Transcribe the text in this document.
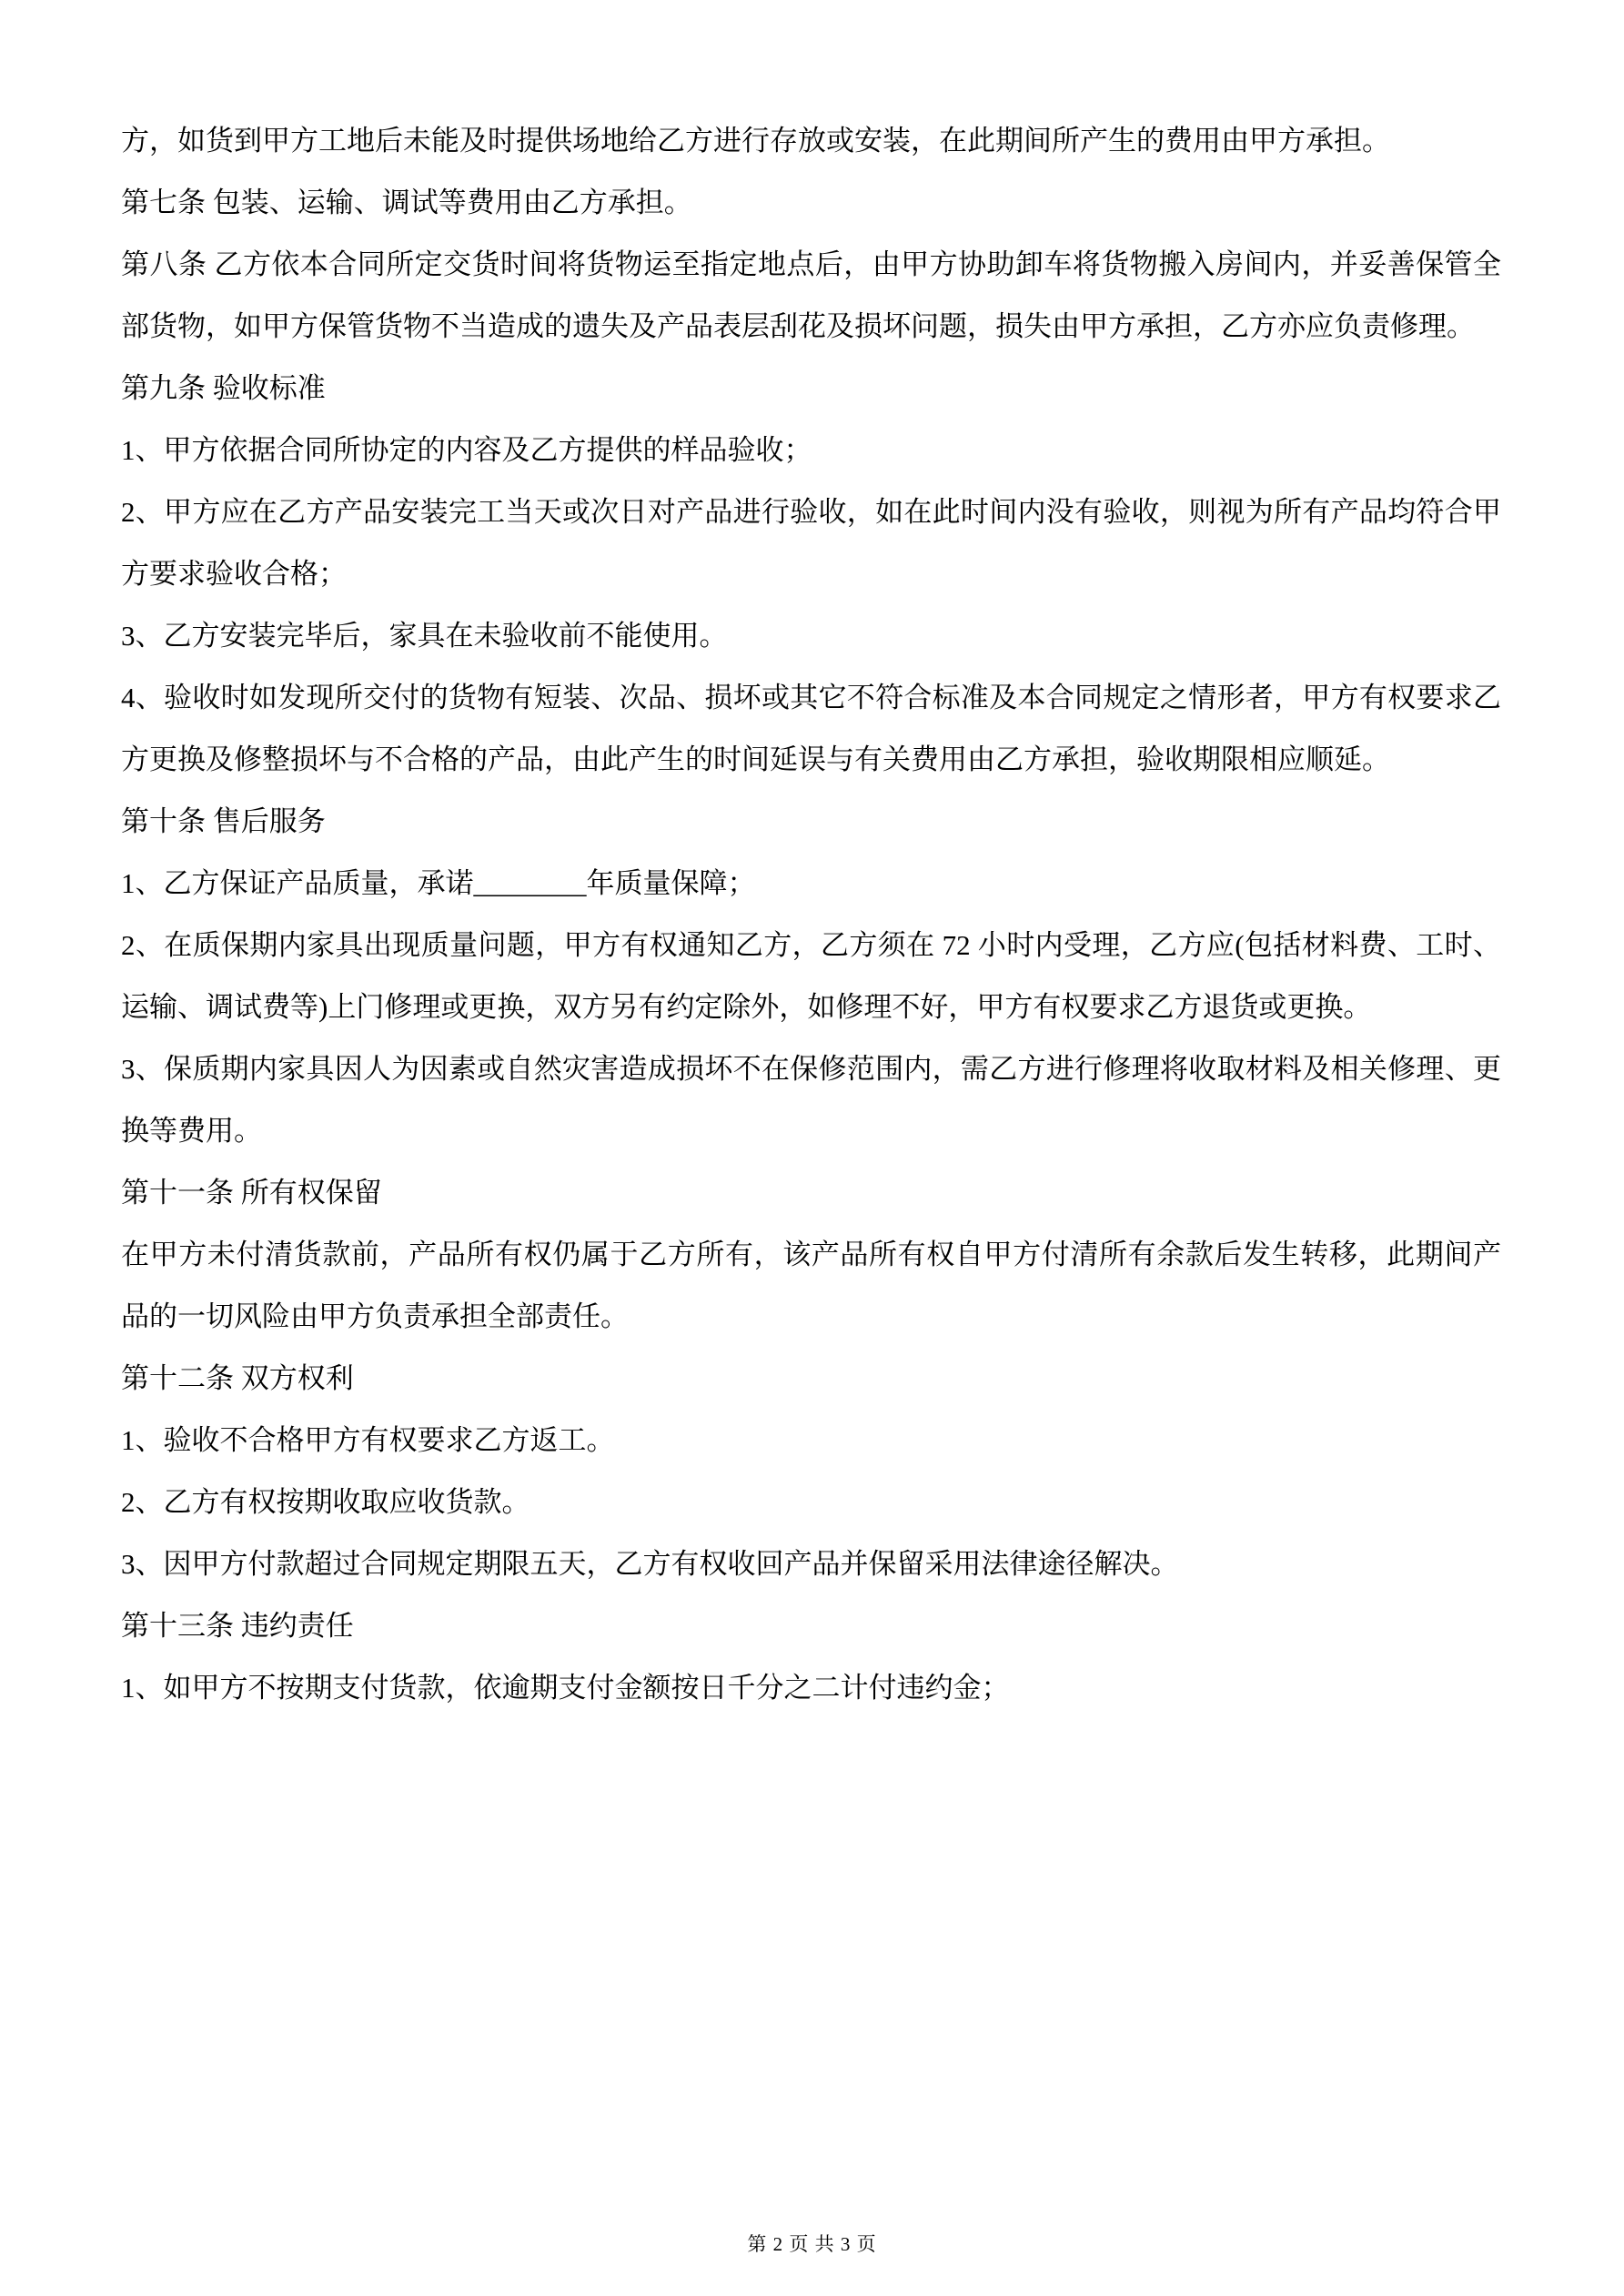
方，如货到甲方工地后未能及时提供场地给乙方进行存放或安装，在此期间所产生的费用由甲方承担。

第七条 包装、运输、调试等费用由乙方承担。

第八条 乙方依本合同所定交货时间将货物运至指定地点后，由甲方协助卸车将货物搬入房间内，并妥善保管全部货物，如甲方保管货物不当造成的遗失及产品表层刮花及损坏问题，损失由甲方承担，乙方亦应负责修理。

第九条 验收标准

1、甲方依据合同所协定的内容及乙方提供的样品验收；

2、甲方应在乙方产品安装完工当天或次日对产品进行验收，如在此时间内没有验收，则视为所有产品均符合甲方要求验收合格；

3、乙方安装完毕后，家具在未验收前不能使用。

4、验收时如发现所交付的货物有短装、次品、损坏或其它不符合标准及本合同规定之情形者，甲方有权要求乙方更换及修整损坏与不合格的产品，由此产生的时间延误与有关费用由乙方承担，验收期限相应顺延。

第十条 售后服务

1、乙方保证产品质量，承诺________年质量保障；

2、在质保期内家具出现质量问题，甲方有权通知乙方，乙方须在 72 小时内受理，乙方应(包括材料费、工时、运输、调试费等)上门修理或更换，双方另有约定除外，如修理不好，甲方有权要求乙方退货或更换。

3、保质期内家具因人为因素或自然灾害造成损坏不在保修范围内，需乙方进行修理将收取材料及相关修理、更换等费用。

第十一条 所有权保留

在甲方未付清货款前，产品所有权仍属于乙方所有，该产品所有权自甲方付清所有余款后发生转移，此期间产品的一切风险由甲方负责承担全部责任。

第十二条 双方权利

1、验收不合格甲方有权要求乙方返工。

2、乙方有权按期收取应收货款。

3、因甲方付款超过合同规定期限五天，乙方有权收回产品并保留采用法律途径解决。

第十三条 违约责任

1、如甲方不按期支付货款，依逾期支付金额按日千分之二计付违约金；

第 2 页 共 3 页
